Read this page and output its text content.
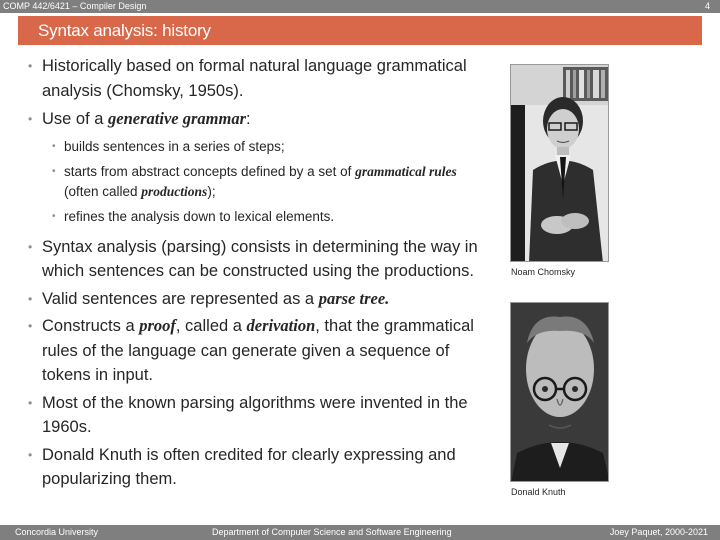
COMP 442/6421 – Compiler Design	4
Syntax analysis: history
• Historically based on formal natural language grammatical analysis (Chomsky, 1950s).
• Use of a generative grammar:
• builds sentences in a series of steps;
• starts from abstract concepts defined by a set of grammatical rules (often called productions);
• refines the analysis down to lexical elements.
• Syntax analysis (parsing) consists in determining the way in which sentences can be constructed using the productions.
• Valid sentences are represented as a parse tree.
• Constructs a proof, called a derivation, that the grammatical rules of the language can generate given a sequence of tokens in input.
• Most of the known parsing algorithms were invented in the 1960s.
• Donald Knuth is often credited for clearly expressing and popularizing them.
Noam Chomsky
Donald Knuth
Concordia University	Department of Computer Science and Software Engineering	Joey Paquet, 2000-2021
